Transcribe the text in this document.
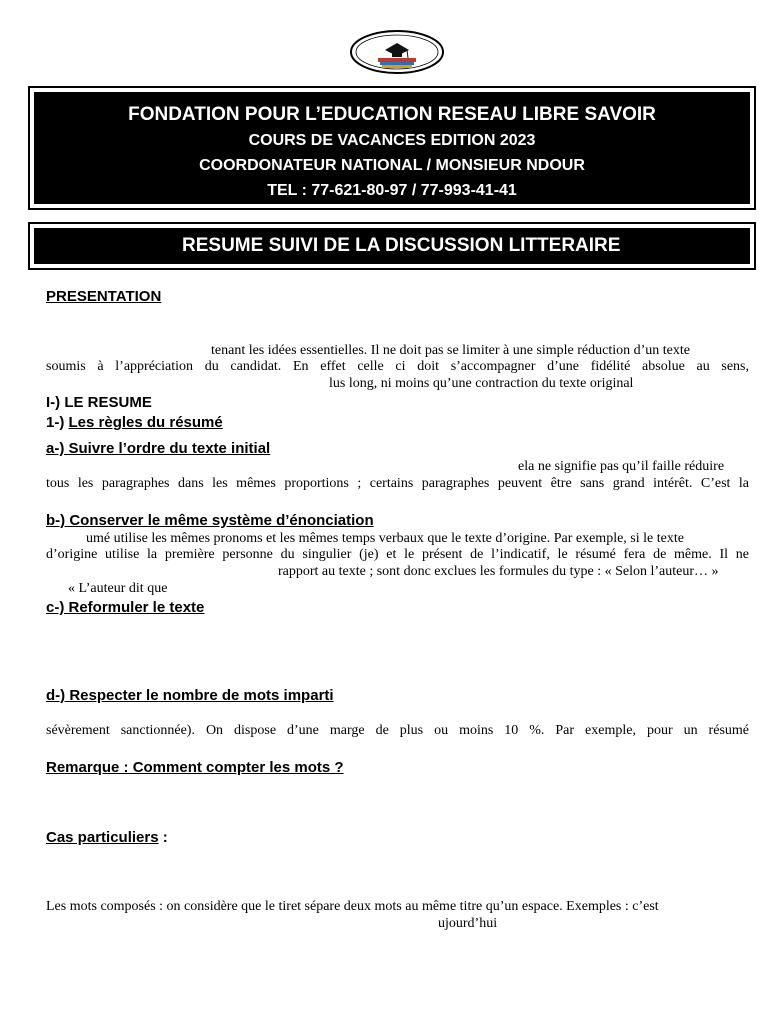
FONDATION POUR L’EDUCATION RESEAU LIBRE SAVOIR
COURS DE VACANCES EDITION 2023
COORDONATEUR NATIONAL / MONSIEUR NDOUR
TEL : 77-621-80-97 / 77-993-41-41
RESUME SUIVI DE LA DISCUSSION LITTERAIRE
PRESENTATION
tenant les idées essentielles. Il ne doit pas se limiter à une simple réduction d’un texte
soumis à l’appréciation du candidat. En effet celle ci doit s’accompagner d’une fidélité absolue au sens,
lus long, ni moins qu’une contraction du texte original
I-) LE RESUME
1-) Les règles du résumé
a-) Suivre l’ordre du texte initial
ela ne signifie pas qu’il faille réduire
tous les paragraphes dans les mêmes proportions ; certains paragraphes peuvent être sans grand intérêt. C’est la
b-) Conserver le même système d’énonciation
umé utilise les mêmes pronoms et les mêmes temps verbaux que le texte d’origine. Par exemple, si le texte
d’origine utilise la première personne du singulier (je) et le présent de l’indicatif, le résumé fera de même. Il ne
rapport au texte ; sont donc exclues les formules du type : « Selon l’auteur… »
« L’auteur dit que
c-) Reformuler le texte
d-) Respecter le nombre de mots imparti
sévèrement sanctionnée). On dispose d’une marge de plus ou moins 10 %. Par exemple, pour un résumé
Remarque : Comment compter les mots ?
Cas particuliers :
Les mots composés : on considère que le tiret sépare deux mots au même titre qu’un espace. Exemples : c’est
ujourd’hui
